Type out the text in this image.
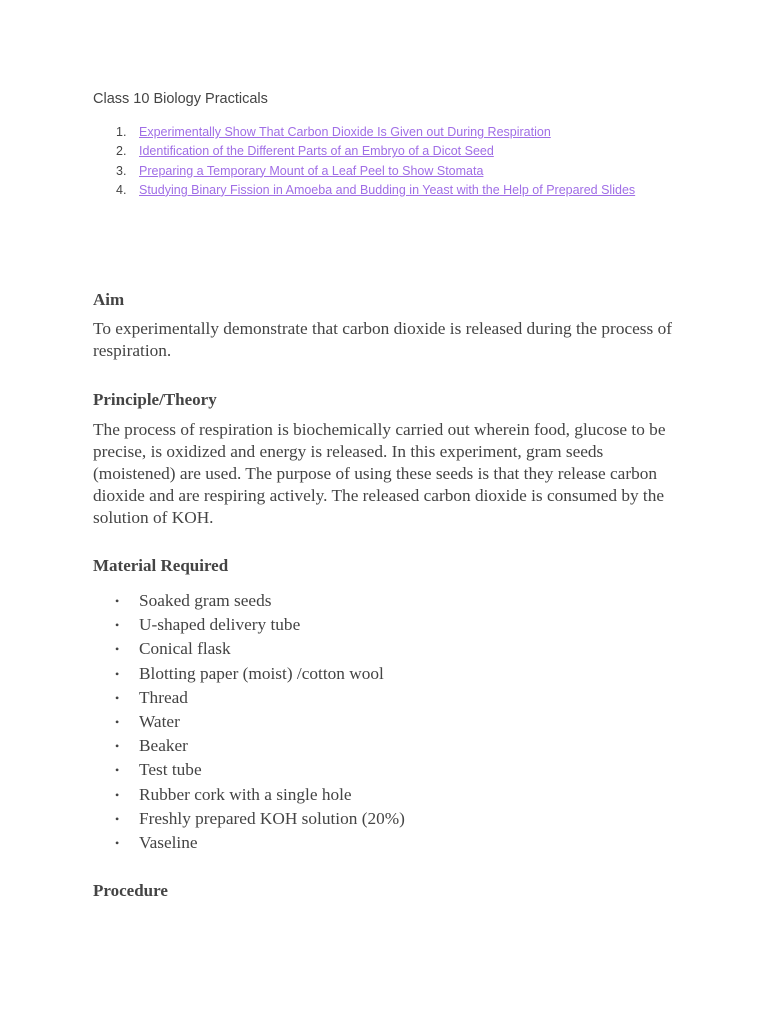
Class 10 Biology Practicals
1. Experimentally Show That Carbon Dioxide Is Given out During Respiration
2. Identification of the Different Parts of an Embryo of a Dicot Seed
3. Preparing a Temporary Mount of a Leaf Peel to Show Stomata
4. Studying Binary Fission in Amoeba and Budding in Yeast with the Help of Prepared Slides
Aim

To experimentally demonstrate that carbon dioxide is released during the process of respiration.

Principle/Theory

The process of respiration is biochemically carried out wherein food, glucose to be precise, is oxidized and energy is released. In this experiment, gram seeds (moistened) are used. The purpose of using these seeds is that they release carbon dioxide and are respiring actively. The released carbon dioxide is consumed by the solution of KOH.

Material Required
• Soaked gram seeds
• U-shaped delivery tube
• Conical flask
• Blotting paper (moist) /cotton wool
• Thread
• Water
• Beaker
• Test tube
• Rubber cork with a single hole
• Freshly prepared KOH solution (20%)
• Vaseline
Procedure
